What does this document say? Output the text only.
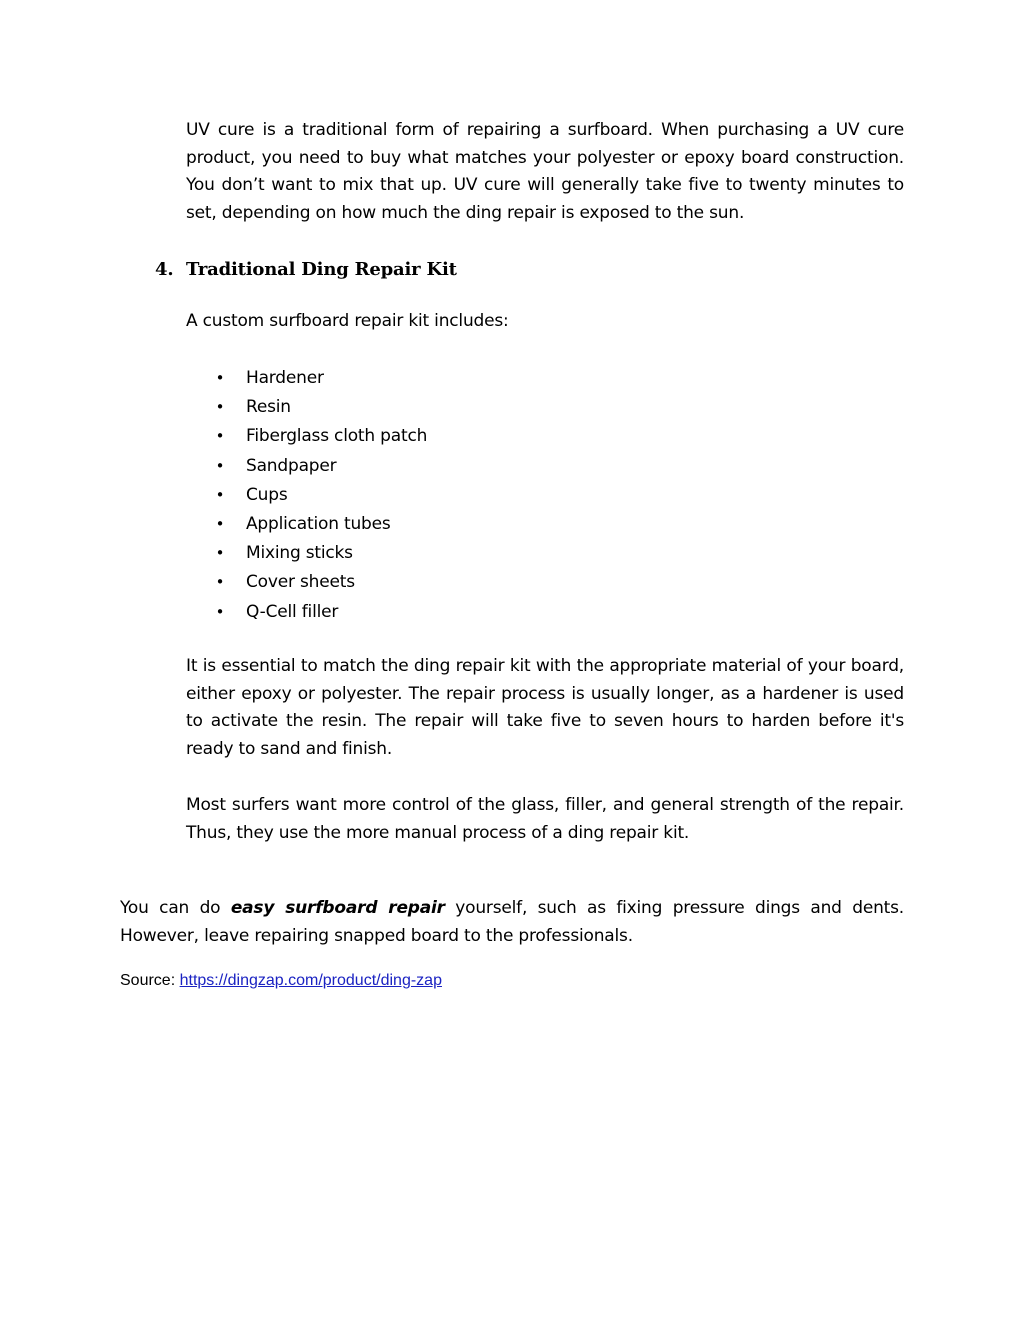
UV cure is a traditional form of repairing a surfboard. When purchasing a UV cure product, you need to buy what matches your polyester or epoxy board construction. You don’t want to mix that up. UV cure will generally take five to twenty minutes to set, depending on how much the ding repair is exposed to the sun.

4. Traditional Ding Repair Kit

A custom surfboard repair kit includes:

• Hardener
• Resin
• Fiberglass cloth patch
• Sandpaper
• Cups
• Application tubes
• Mixing sticks
• Cover sheets
• Q-Cell filler

It is essential to match the ding repair kit with the appropriate material of your board, either epoxy or polyester. The repair process is usually longer, as a hardener is used to activate the resin. The repair will take five to seven hours to harden before it's ready to sand and finish.

Most surfers want more control of the glass, filler, and general strength of the repair. Thus, they use the more manual process of a ding repair kit.

You can do easy surfboard repair yourself, such as fixing pressure dings and dents. However, leave repairing snapped board to the professionals.

Source: https://dingzap.com/product/ding-zap
